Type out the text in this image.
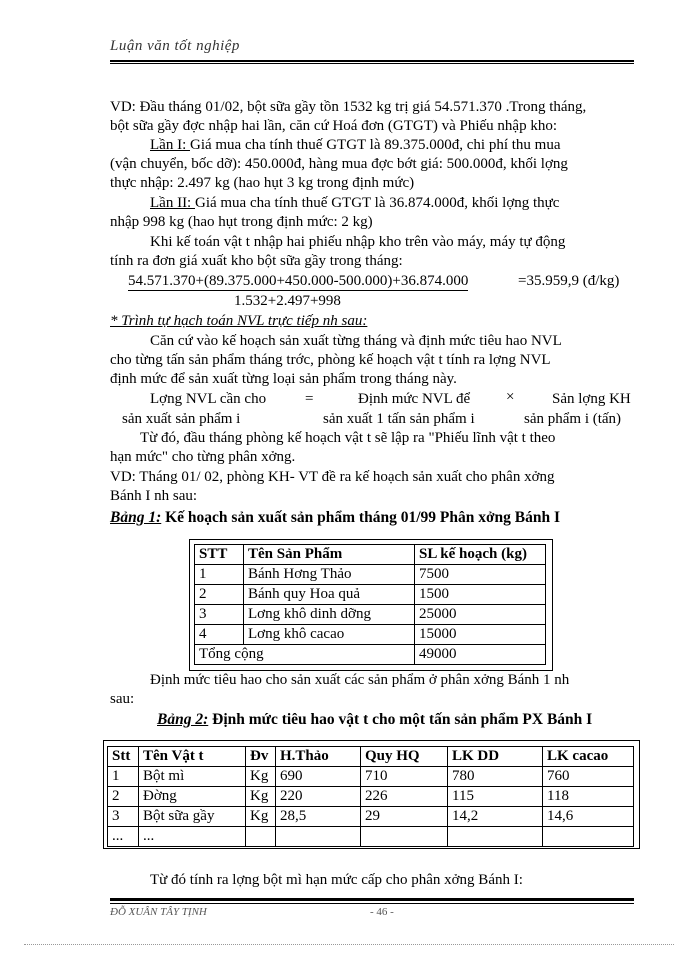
Luận văn tốt nghiệp
VD: Đầu tháng 01/02, bột sữa gầy tồn 1532 kg trị giá 54.571.370 .Trong tháng,
bột sữa gầy đợc nhập hai lần, căn cứ Hoá đơn (GTGT) và Phiếu nhập kho:
Lần I: Giá mua cha tính thuế GTGT là 89.375.000đ, chi phí thu mua
(vận chuyển, bốc dỡ): 450.000đ, hàng mua đợc bớt giá: 500.000đ, khối lợng
thực nhập: 2.497 kg (hao hụt 3 kg trong định mức)
Lần II: Giá mua cha tính thuế GTGT là 36.874.000đ, khối lợng thực
nhập 998 kg (hao hụt trong định mức: 2 kg)
Khi kế toán vật t nhập hai phiếu nhập kho trên vào máy, máy tự động
tính ra đơn giá xuất kho bột sữa gầy trong tháng:
54.571.370+(89.375.000+450.000-500.000)+36.874.000	=35.959,9 (đ/kg)
1.532+2.497+998
* Trình tự hạch toán NVL trực tiếp nh sau:
Căn cứ vào kế hoạch sản xuất từng tháng và định mức tiêu hao NVL
cho từng tấn sản phẩm tháng trớc, phòng kế hoạch vật t tính ra lợng NVL
định mức để sản xuất từng loại sản phẩm trong tháng này.
Lợng NVL cần cho	=	Định mức NVL để ×	Sản lợng KH
sản xuất sản phẩm i	sản xuất 1 tấn sản phẩm i	sản phẩm i (tấn)
Từ đó, đầu tháng phòng kế hoạch vật t sẽ lập ra "Phiếu lĩnh vật t theo
hạn mức" cho từng phân xởng.
VD: Tháng 01/ 02, phòng KH- VT đề ra kế hoạch sản xuất cho phân xởng
Bánh I nh sau:
Bảng 1: Kế hoạch sản xuất sản phẩm tháng 01/99 Phân xởng Bánh I
STT	Tên Sản Phẩm	SL kế hoạch (kg)
1	Bánh Hơng Thảo	7500
2	Bánh quy Hoa quả	1500
3	Lơng khô dinh dỡng	25000
4	Lơng khô cacao	15000
Tổng cộng		49000
Định mức tiêu hao cho sản xuất các sản phẩm ở phân xởng Bánh 1 nh
sau:
Bảng 2: Định mức tiêu hao vật t cho một tấn sản phẩm PX Bánh I
Stt	Tên Vật t	Đv	H.Thảo	Quy HQ	LK DD	LK cacao
1	Bột mì	Kg	690	710	780	760
2	Đờng	Kg	220	226	115	118
3	Bột sữa gầy	Kg	28,5	29	14,2	14,6
...	...					
Từ đó tính ra lợng bột mì hạn mức cấp cho phân xởng Bánh I:
ĐỖ XUÂN TÂY TỊNH	- 46 -
